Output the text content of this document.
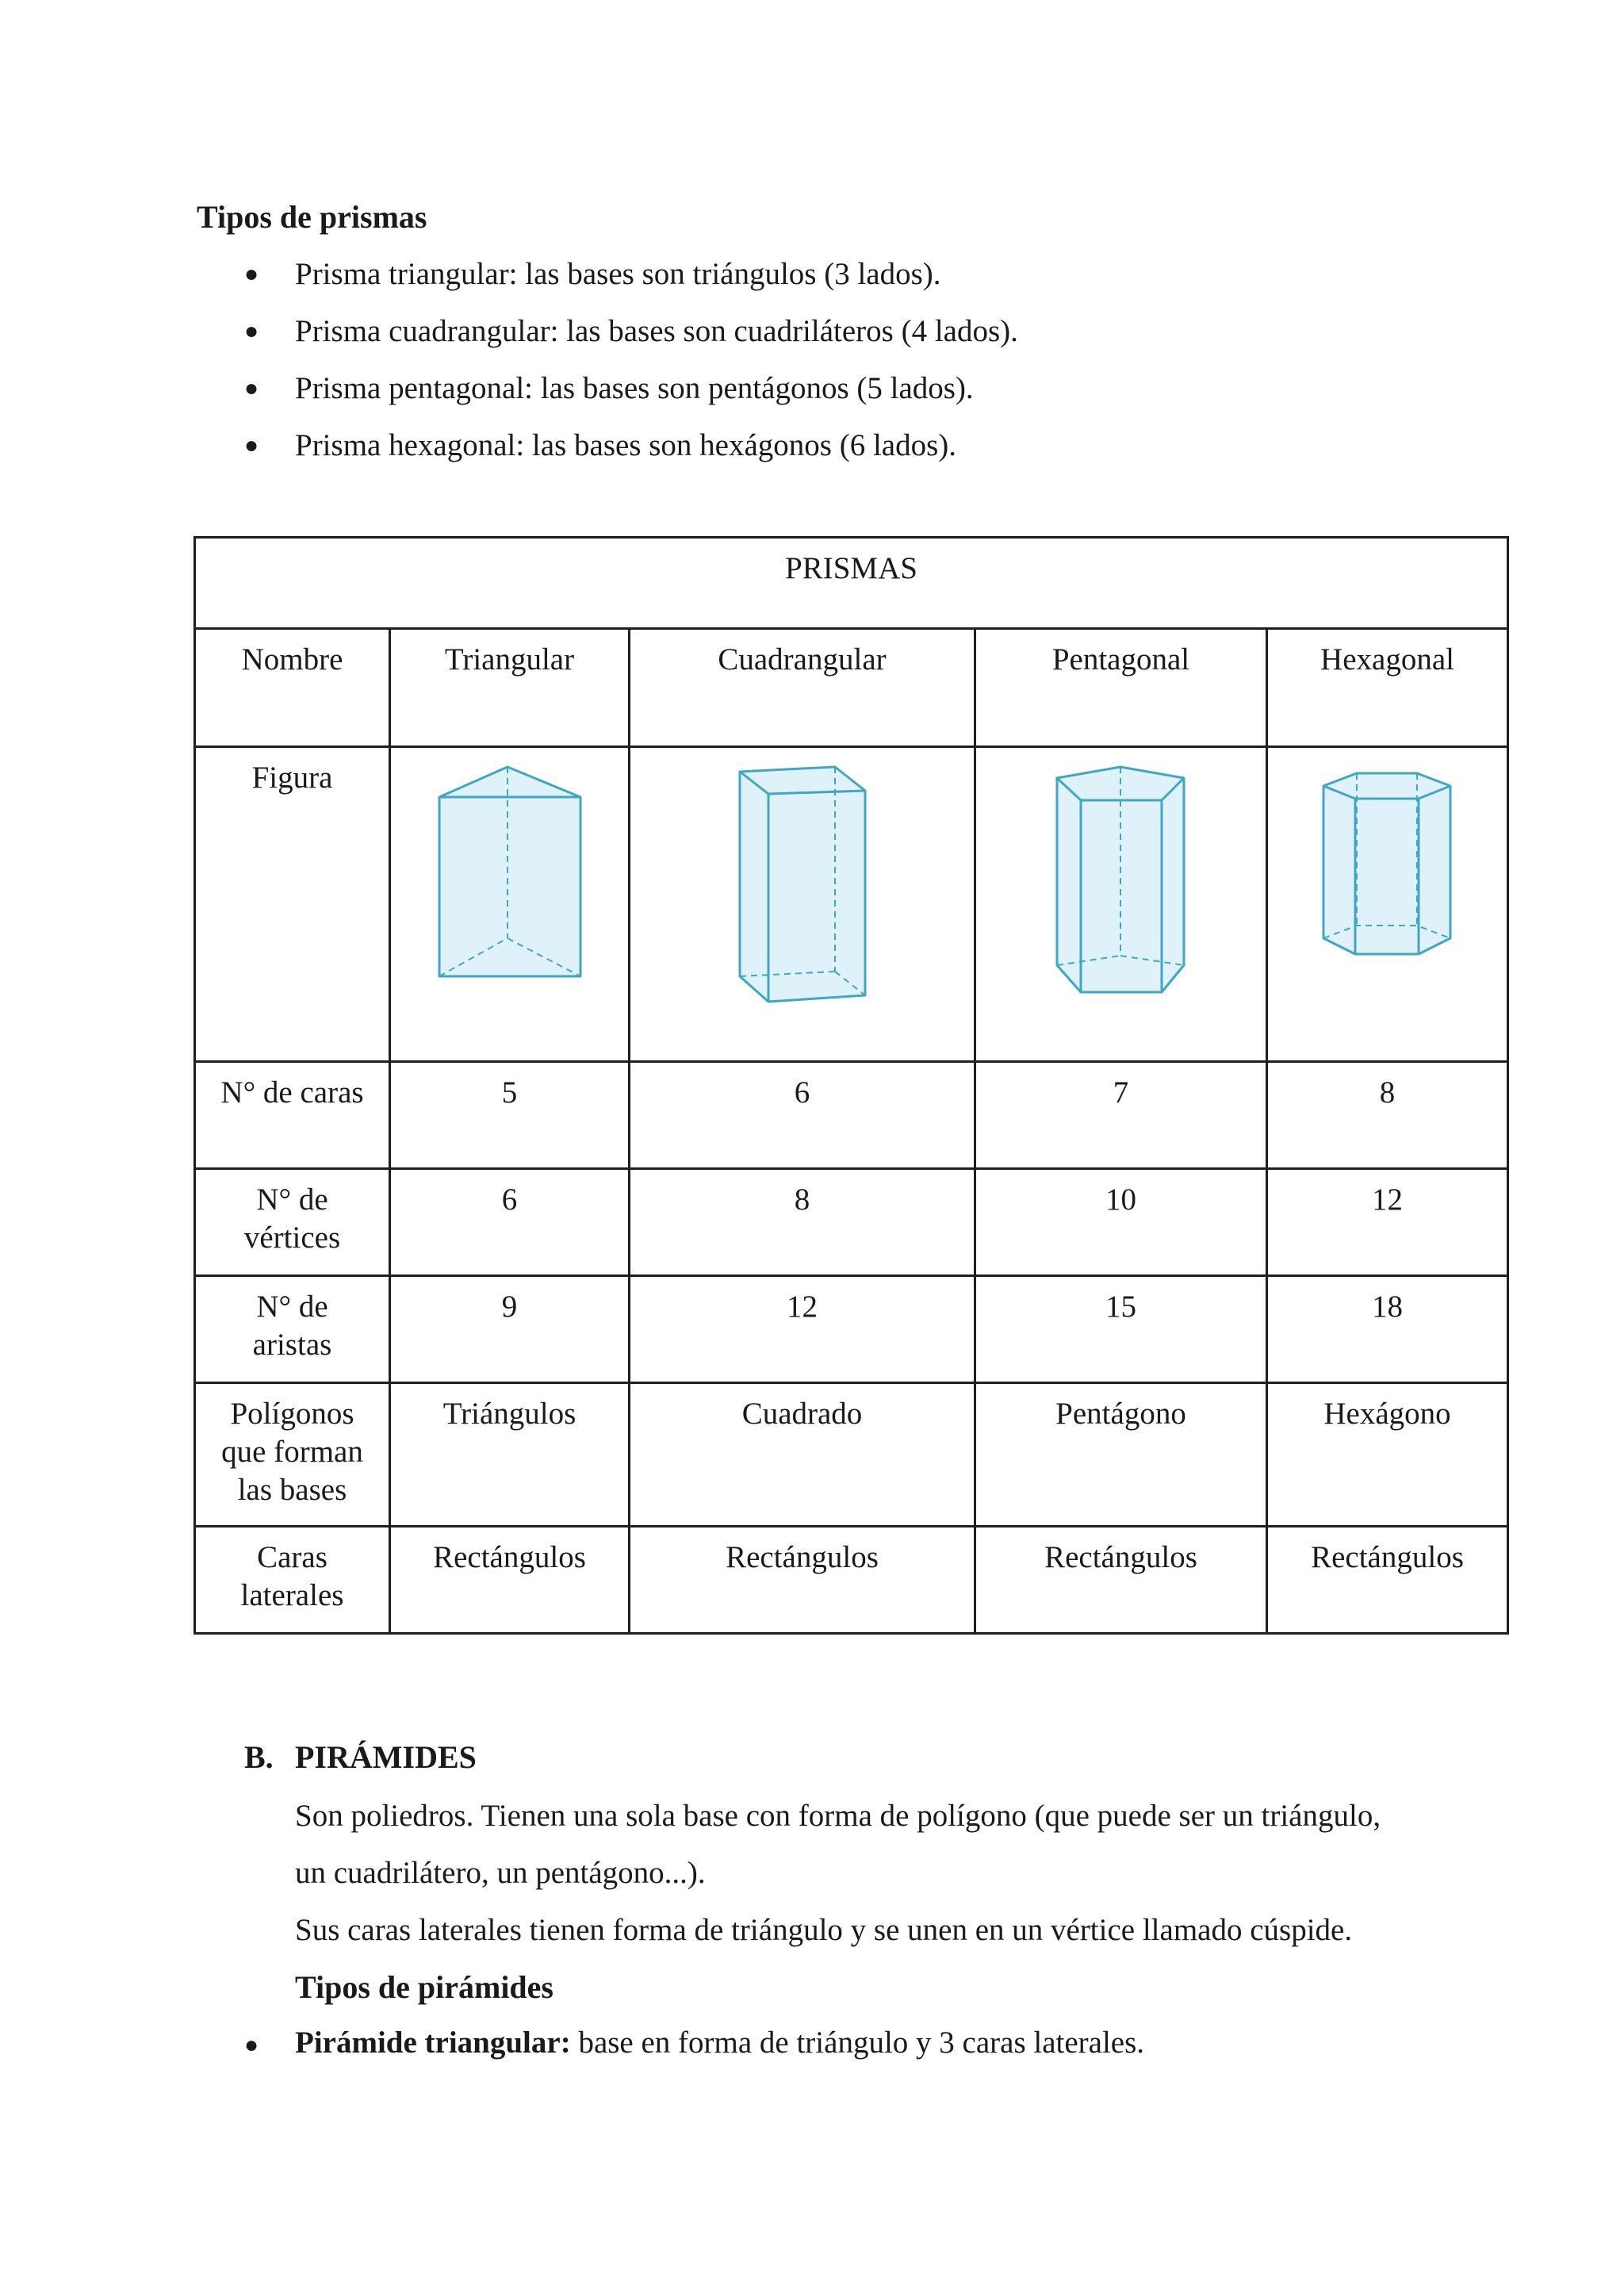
Tipos de prismas
● Prisma triangular: las bases son triángulos (3 lados).
● Prisma cuadrangular: las bases son cuadriláteros (4 lados).
● Prisma pentagonal: las bases son pentágonos (5 lados).
● Prisma hexagonal: las bases son hexágonos (6 lados).
PRISMAS				
Nombre	Triangular	Cuadrangular	Pentagonal	Hexagonal
Figura	

N° de caras	5	6	7	8

N° de
vértices	6	8	10	12

N° de
aristas	9	12	15	18

Polígonos
que forman
las bases	Triángulos	Cuadrado	Pentágono	Hexágono

Caras
laterales	Rectángulos	Rectángulos	Rectángulos	Rectángulos
B. PIRÁMIDES
Son poliedros. Tienen una sola base con forma de polígono (que puede ser un triángulo,
un cuadrilátero, un pentágono...).
Sus caras laterales tienen forma de triángulo y se unen en un vértice llamado cúspide.
Tipos de pirámides
● Pirámide triangular: base en forma de triángulo y 3 caras laterales.
